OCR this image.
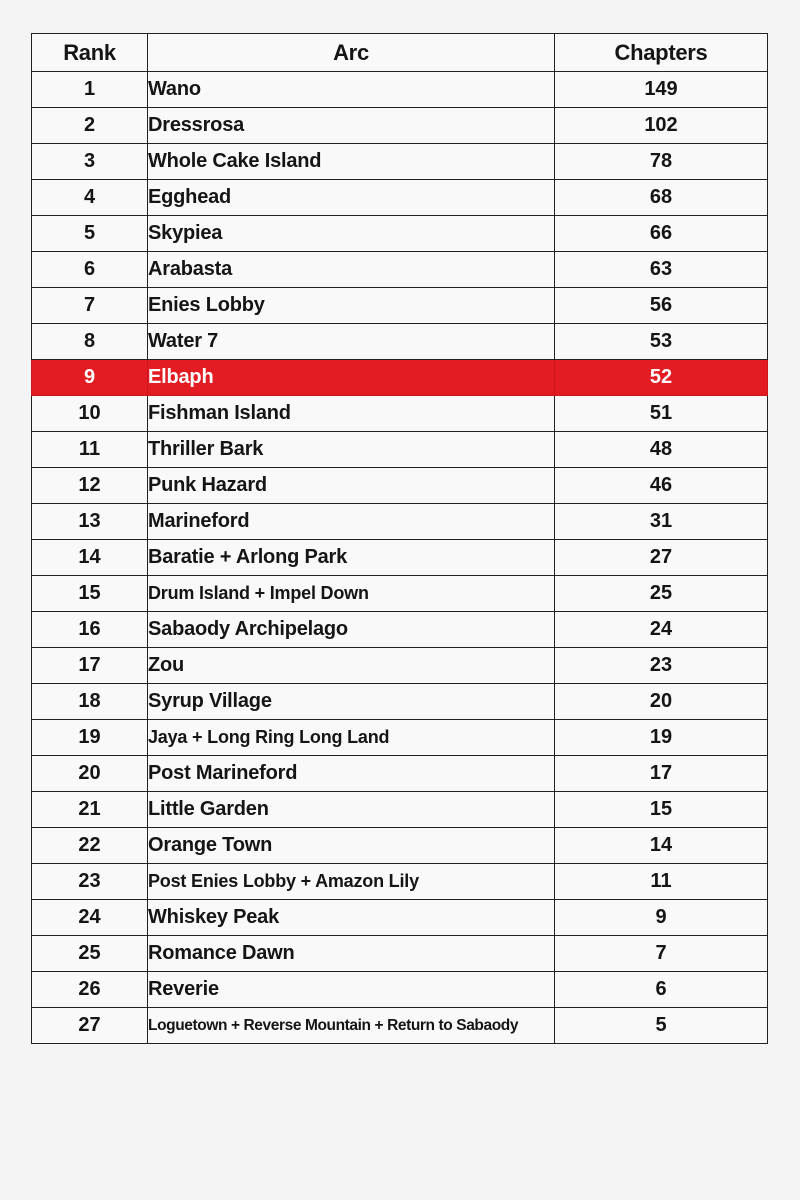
Rank	Arc	Chapters
1	Wano	149
2	Dressrosa	102
3	Whole Cake Island	78
4	Egghead	68
5	Skypiea	66
6	Arabasta	63
7	Enies Lobby	56
8	Water 7	53
9	Elbaph	52
10	Fishman Island	51
11	Thriller Bark	48
12	Punk Hazard	46
13	Marineford	31
14	Baratie + Arlong Park	27
15	Drum Island + Impel Down	25
16	Sabaody Archipelago	24
17	Zou	23
18	Syrup Village	20
19	Jaya + Long Ring Long Land	19
20	Post Marineford	17
21	Little Garden	15
22	Orange Town	14
23	Post Enies Lobby + Amazon Lily	11
24	Whiskey Peak	9
25	Romance Dawn	7
26	Reverie	6
27	Loguetown + Reverse Mountain + Return to Sabaody	5
